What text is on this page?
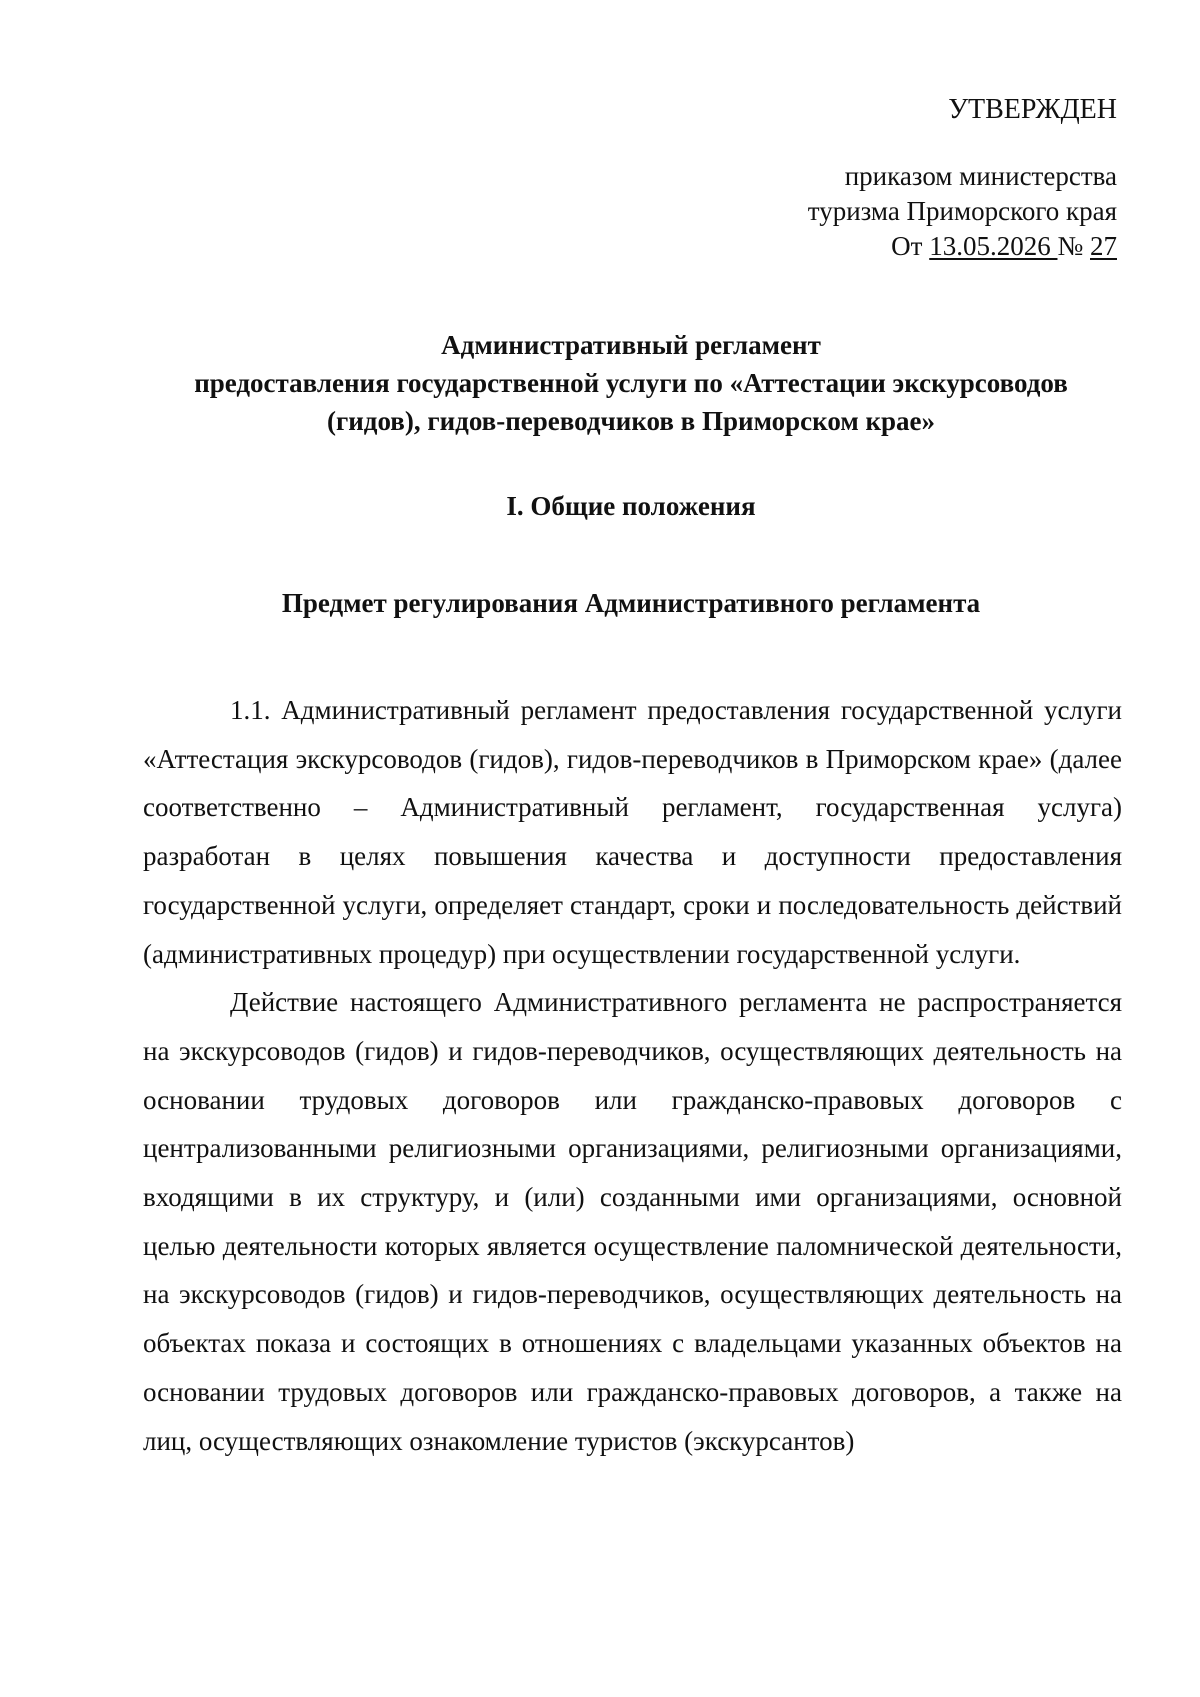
УТВЕРЖДЕН
приказом министерства
туризма Приморского края
От 13.05.2026 № 27
Административный регламент
предоставления государственной услуги по «Аттестации экскурсоводов
(гидов), гидов-переводчиков в Приморском крае»
I. Общие положения
Предмет регулирования Административного регламента

1.1. Административный регламент предоставления государственной услуги «Аттестация экскурсоводов (гидов), гидов-переводчиков в Приморском крае» (далее соответственно – Административный регламент, государственная услуга) разработан в целях повышения качества и доступности предоставления государственной услуги, определяет стандарт, сроки и последовательность действий (административных процедур) при осуществлении государственной услуги.

Действие настоящего Административного регламента не распространяется на экскурсоводов (гидов) и гидов-переводчиков, осуществляющих деятельность на основании трудовых договоров или гражданско-правовых договоров с централизованными религиозными организациями, религиозными организациями, входящими в их структуру, и (или) созданными ими организациями, основной целью деятельности которых является осуществление паломнической деятельности, на экскурсоводов (гидов) и гидов-переводчиков, осуществляющих деятельность на объектах показа и состоящих в отношениях с владельцами указанных объектов на основании трудовых договоров или гражданско-правовых договоров, а также на лиц, осуществляющих ознакомление туристов (экскурсантов)
